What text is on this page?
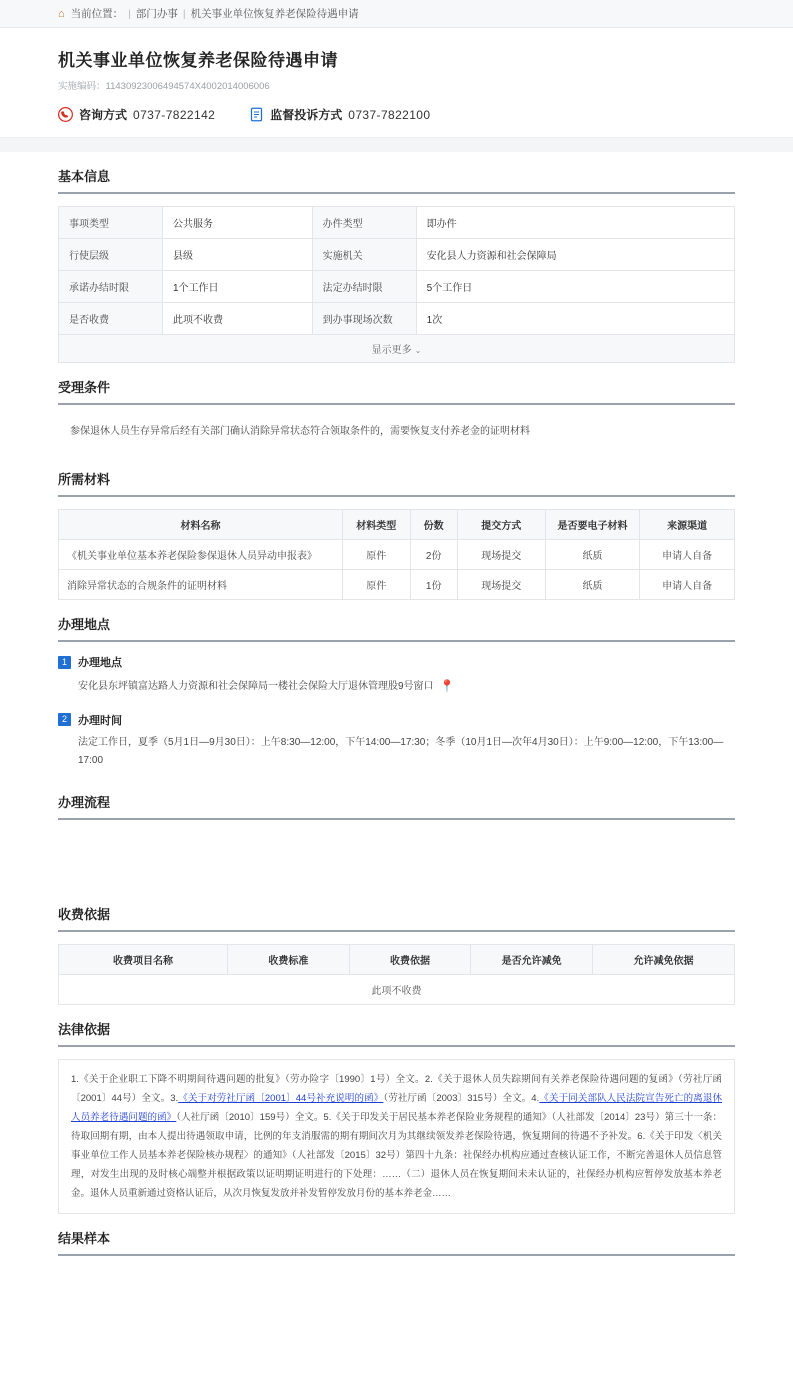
⌂ 当前位置： | 部门办事 | 机关事业单位恢复养老保险待遇申请
机关事业单位恢复养老保险待遇申请
实施编码：11430923006494574X4002014006006
咨询方式 0737-7822142	监督投诉方式 0737-7822100
基本信息
事项类型	公共服务	办件类型	即办件
行使层级	县级	实施机关	安化县人力资源和社会保障局
承诺办结时限	1个工作日	法定办结时限	5个工作日
是否收费	此项不收费	到办事现场次数	1次
显示更多 ⌄
受理条件
参保退休人员生存异常后经有关部门确认消除异常状态符合领取条件的，需要恢复支付养老金的证明材料
所需材料
材料名称	材料类型	份数	提交方式	是否要电子材料	来源渠道
《机关事业单位基本养老保险参保退休人员异动申报表》	原件	2份	现场提交	纸质	申请人自备
消除异常状态的合规条件的证明材料	原件	1份	现场提交	纸质	申请人自备
办理地点
1	办理地点
安化县东坪镇富达路人力资源和社会保障局一楼社会保险大厅退休管理股9号窗口 📍
2	办理时间
法定工作日，夏季（5月1日—9月30日）：上午8:30—12:00，下午14:00—17:30；冬季（10月1日—次年4月30日）：上午9:00—12:00，下午13:00—17:00
办理流程
收费依据
收费项目名称	收费标准	收费依据	是否允许减免	允许减免依据
此项不收费
法律依据
1.《关于企业职工下降不明期间待遇问题的批复》（劳办险字〔1990〕1号）全文。2.《关于退休人员失踪期间有关养老保险待遇问题的复函》（劳社厅函〔2001〕44号）全文。3.《关于对劳社厅函〔2001〕44号补充说明的函》（劳社厅函〔2003〕315号）全文。4.《关于同关部队人民法院宣告死亡的离退休人员养老待遇问题的函》（人社厅函〔2010〕159号）全文。5.《关于印发关于居民基本养老保险业务规程的通知》（人社部发〔2014〕23号）第三十一条：待取回期有期，由本人提出待遇领取申请，比例的年支消服需的期有期间次月为其继续领发养老保险待遇，恢复期间的待遇不予补发。6.《关于印发〈机关事业单位工作人员基本养老保险核办规程〉的通知》（人社部发〔2015〕32号）第四十九条：社保经办机构应通过查核认证工作，不断完善退休人员信息管理，对发生出现的及时核心端整并根据政策以证明期证明进行的下处理：……（二）退休人员在恢复期间未未认证的，社保经办机构应暂停发放基本养老金。退休人员重新通过资格认证后，从次月恢复发放并补发暂停发放月份的基本养老金……
结果样本
